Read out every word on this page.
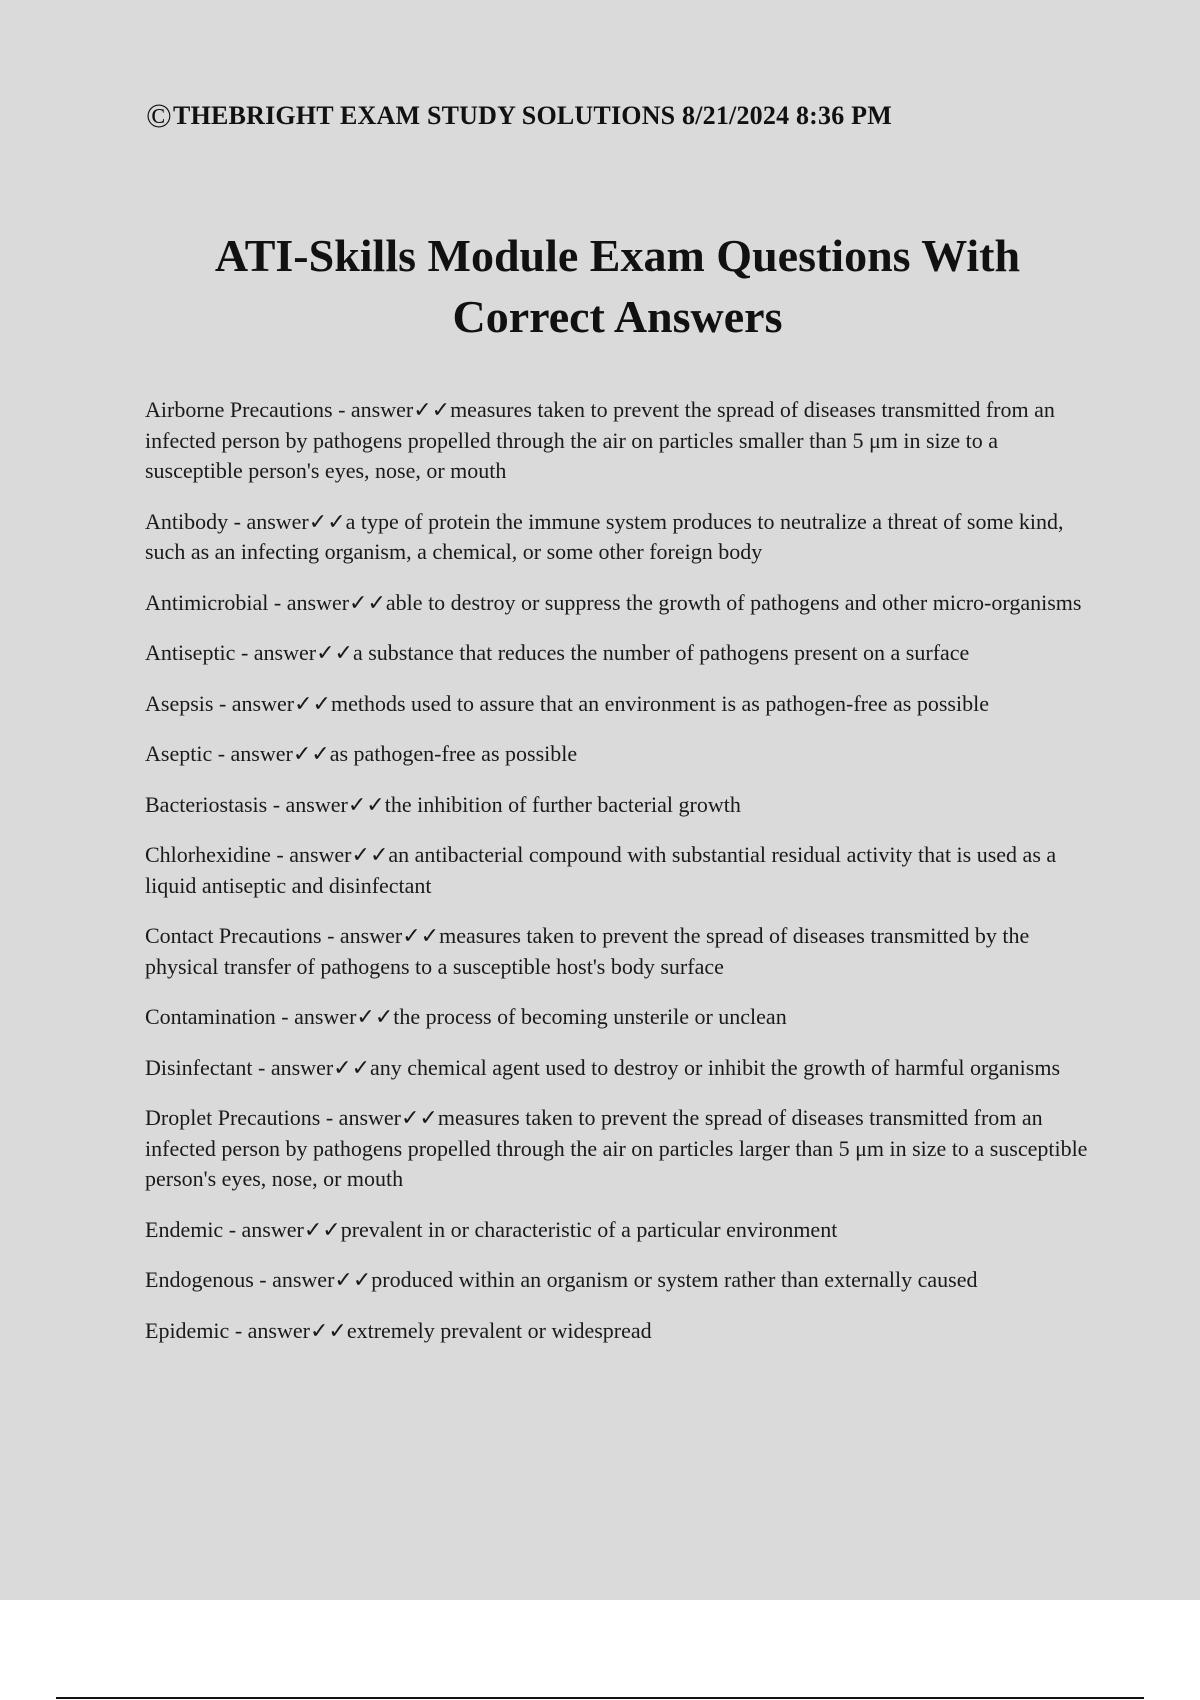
©THEBRIGHT EXAM STUDY SOLUTIONS 8/21/2024 8:36 PM
ATI-Skills Module Exam Questions With
Correct Answers

Airborne Precautions - answer✓✓measures taken to prevent the spread of diseases transmitted from an infected person by pathogens propelled through the air on particles smaller than 5 μm in size to a susceptible person's eyes, nose, or mouth

Antibody - answer✓✓a type of protein the immune system produces to neutralize a threat of some kind, such as an infecting organism, a chemical, or some other foreign body

Antimicrobial - answer✓✓able to destroy or suppress the growth of pathogens and other micro-organisms

Antiseptic - answer✓✓a substance that reduces the number of pathogens present on a surface

Asepsis - answer✓✓methods used to assure that an environment is as pathogen-free as possible

Aseptic - answer✓✓as pathogen-free as possible

Bacteriostasis - answer✓✓the inhibition of further bacterial growth

Chlorhexidine - answer✓✓an antibacterial compound with substantial residual activity that is used as a liquid antiseptic and disinfectant

Contact Precautions - answer✓✓measures taken to prevent the spread of diseases transmitted by the physical transfer of pathogens to a susceptible host's body surface

Contamination - answer✓✓the process of becoming unsterile or unclean

Disinfectant - answer✓✓any chemical agent used to destroy or inhibit the growth of harmful organisms

Droplet Precautions - answer✓✓measures taken to prevent the spread of diseases transmitted from an infected person by pathogens propelled through the air on particles larger than 5 μm in size to a susceptible person's eyes, nose, or mouth

Endemic - answer✓✓prevalent in or characteristic of a particular environment

Endogenous - answer✓✓produced within an organism or system rather than externally caused

Epidemic - answer✓✓extremely prevalent or widespread
